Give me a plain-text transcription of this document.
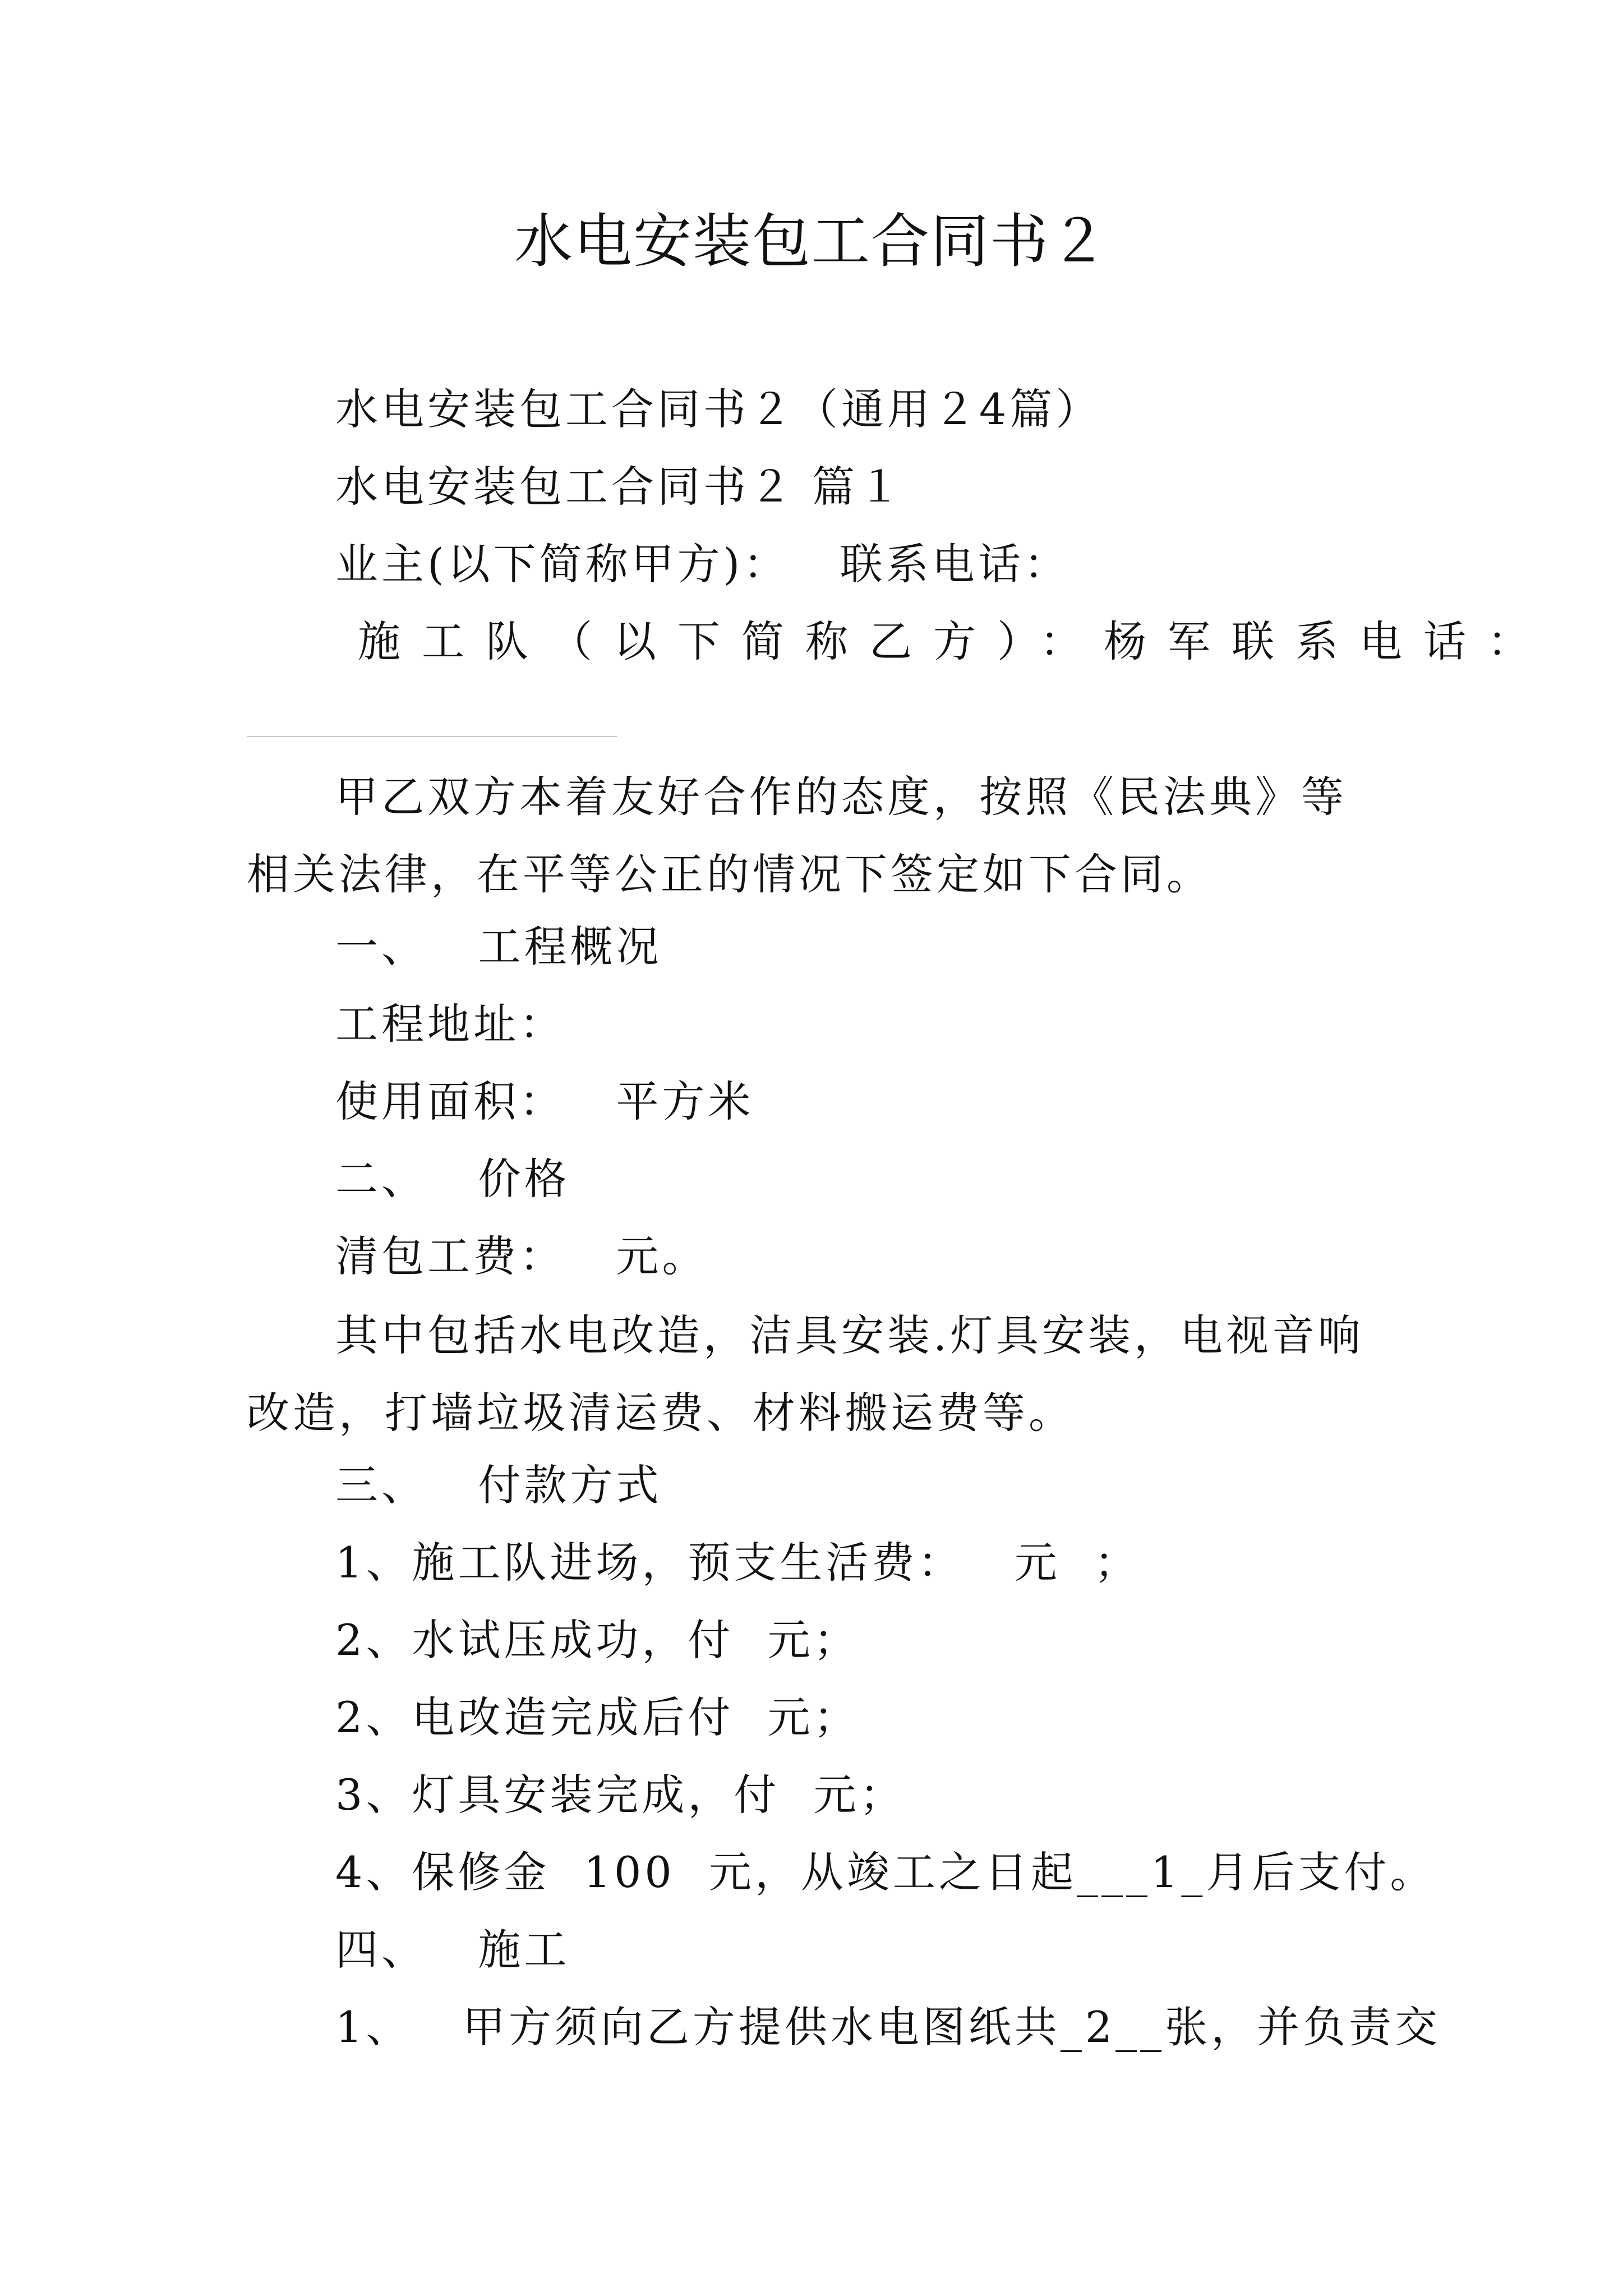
水电安装包工合同书２
水电安装包工合同书２（通用２4篇）
水电安装包工合同书２ 篇１
业主(以下简称甲方)：   联系电话：
施工队（以下简称乙方）：杨军联系电话：
甲乙双方本着友好合作的态度，按照《民法典》等相关法律，在平等公正的情况下签定如下合同。
一、   工程概况
工程地址：
使用面积：   平方米
二、   价格
清包工费：   元。
其中包括水电改造，洁具安装.灯具安装，电视音响改造，打墙垃圾清运费、材料搬运费等。
三、   付款方式
1、施工队进场，预支生活费：   元  ；
2、水试压成功，付  元；
2、电改造完成后付  元；
3、灯具安装完成，付  元；
4、保修金  100  元，从竣工之日起___1_月后支付。
四、   施工
1、   甲方须向乙方提供水电图纸共_2__张，并负责交
